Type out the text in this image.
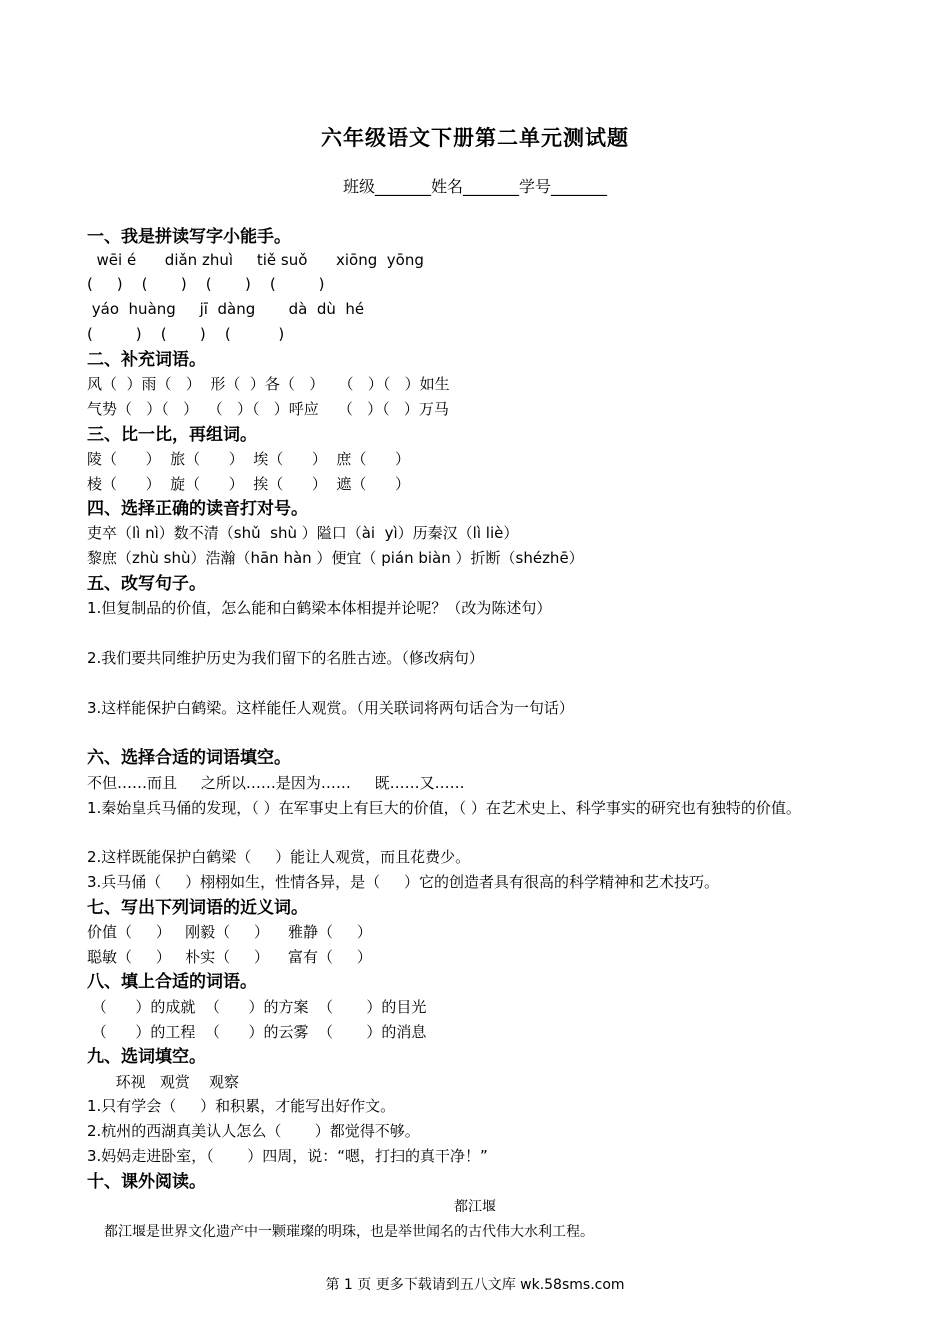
六年级语文下册第二单元测试题
班级_______姓名_______学号_______
一、我是拼读写字小能手。
wēi é      diǎn zhuì     tiě suǒ      xiōng  yōng
(     )    (       )    (       )    (         )
yáo  huàng     jī  dàng       dà  dù  hé
(         )    (       )    (          )
二、补充词语。
风（  ）雨（   ）  形（  ）各（   ）   （   ）（   ）如生
气势（   ）（   ）  （   ）（   ）呼应    （   ）（   ）万马
三、比一比，再组词。
陵（      ）  旅（      ）  埃（      ）  庶（      ）
棱（      ）  旋（      ）  挨（      ）  遮（      ）
四、选择正确的读音打对号。
吏卒（lì nì）数不清（shǔ  shù ）隘口（ài  yì）历秦汉（lì liè）
黎庶（zhù shù）浩瀚（hān hàn ）便宜（ pián biàn ）折断（shézhē）
五、改写句子。
1.但复制品的价值，怎么能和白鹤梁本体相提并论呢？（改为陈述句）
2.我们要共同维护历史为我们留下的名胜古迹。（修改病句）
3.这样能保护白鹤梁。这样能任人观赏。（用关联词将两句话合为一句话）
六、选择合适的词语填空。
不但……而且     之所以……是因为……     既……又……
1.秦始皇兵马俑的发现，（ ）在军事史上有巨大的价值，（ ）在艺术史上、科学事实的研究也有独特的价值。
2.这样既能保护白鹤梁（     ）能让人观赏，而且花费少。
3.兵马俑（     ）栩栩如生，性情各异，是（     ）它的创造者具有很高的科学精神和艺术技巧。
七、写出下列词语的近义词。
价值（     ）   刚毅（     ）    雅静（     ）
聪敏（     ）   朴实（     ）    富有（     ）
八、填上合适的词语。
（      ）的成就  （      ）的方案  （       ）的目光
（      ）的工程  （      ）的云雾  （       ）的消息
九、选词填空。
环视   观赏    观察
1.只有学会（     ）和积累，才能写出好作文。
2.杭州的西湖真美认人怎么（       ）都觉得不够。
3.妈妈走进卧室，（       ）四周，说：“嗯，打扫的真干净！”
十、课外阅读。
都江堰
都江堰是世界文化遗产中一颗璀璨的明珠，也是举世闻名的古代伟大水利工程。
第 1 页 更多下载请到五八文库 wk.58sms.com
